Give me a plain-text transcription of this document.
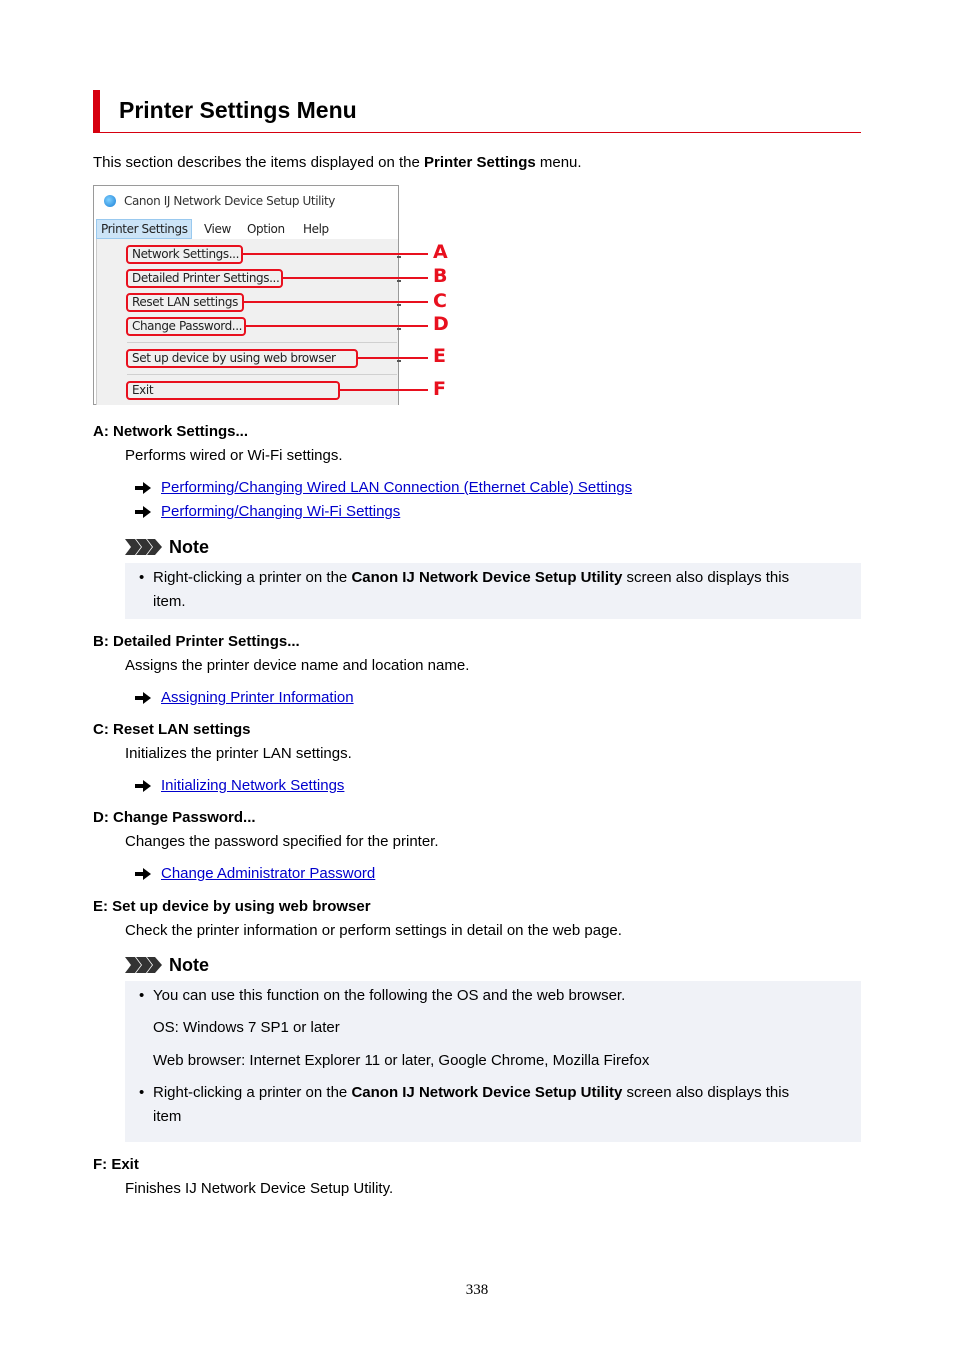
Printer Settings Menu
This section describes the items displayed on the Printer Settings menu.
Canon IJ Network Device Setup Utility
Printer Settings View Option Help
Network Settings...
Detailed Printer Settings...
Reset LAN settings
Change Password...
Set up device by using web browser
Exit
A
B
C
D
E
F
A: Network Settings...
Performs wired or Wi-Fi settings.
Performing/Changing Wired LAN Connection (Ethernet Cable) Settings
Performing/Changing Wi-Fi Settings
Note
• Right-clicking a printer on the Canon IJ Network Device Setup Utility screen also displays this
item.
B: Detailed Printer Settings...
Assigns the printer device name and location name.
Assigning Printer Information
C: Reset LAN settings
Initializes the printer LAN settings.
Initializing Network Settings
D: Change Password...
Changes the password specified for the printer.
Change Administrator Password
E: Set up device by using web browser
Check the printer information or perform settings in detail on the web page.
Note
• You can use this function on the following the OS and the web browser.
OS: Windows 7 SP1 or later
Web browser: Internet Explorer 11 or later, Google Chrome, Mozilla Firefox
• Right-clicking a printer on the Canon IJ Network Device Setup Utility screen also displays this
item
F: Exit
Finishes IJ Network Device Setup Utility.
338
